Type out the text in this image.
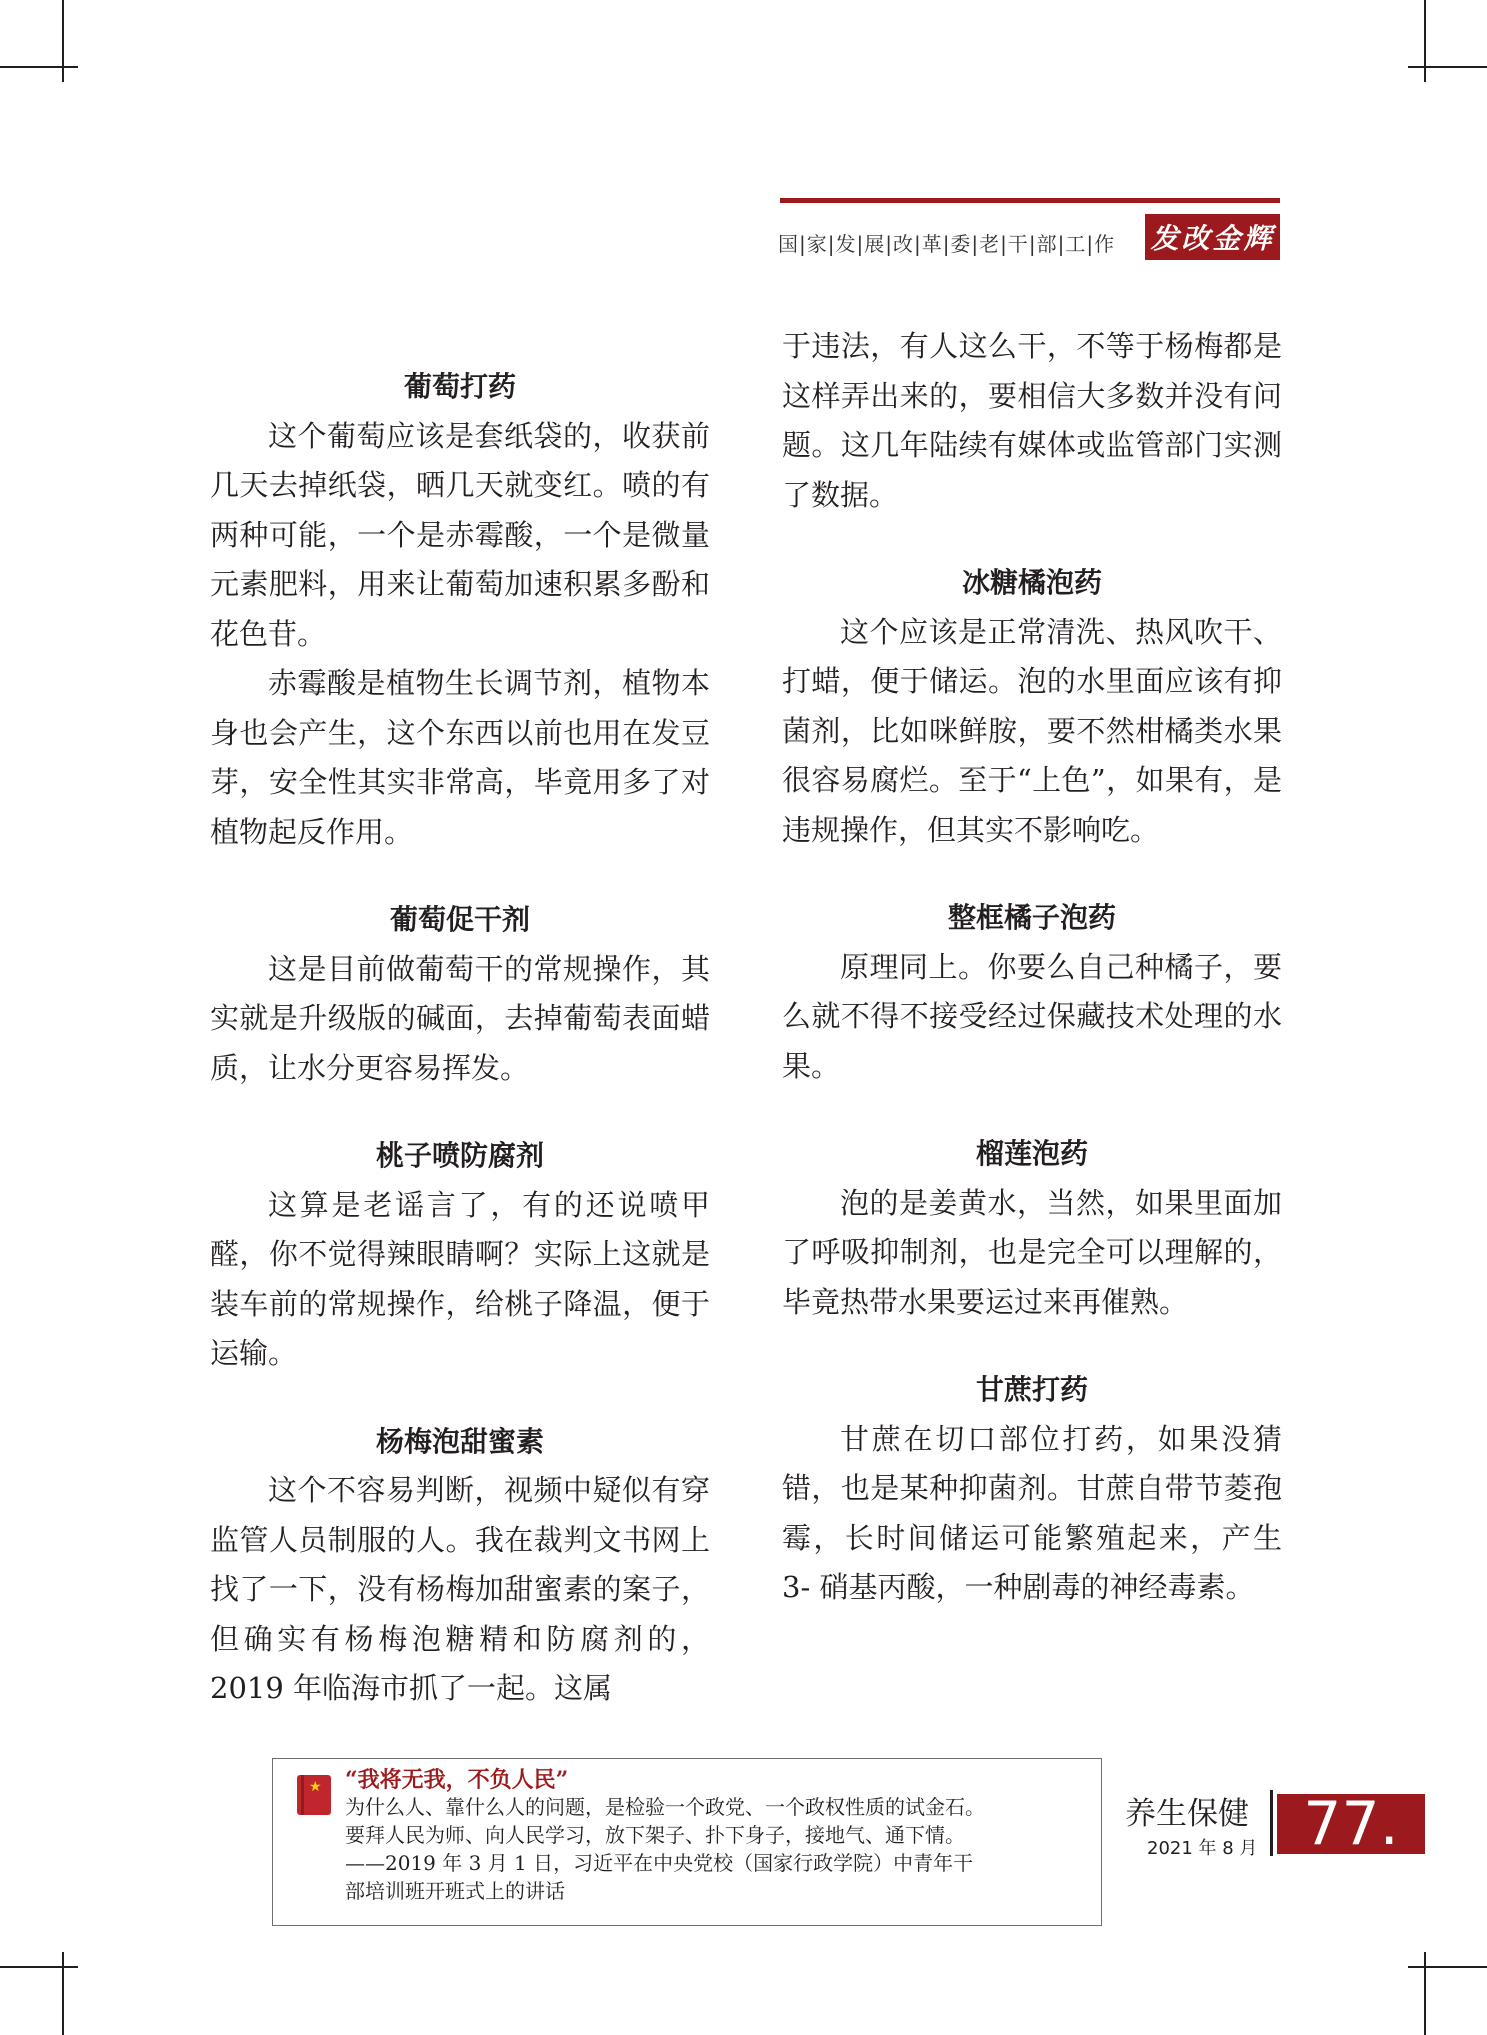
国|家|发|展|改|革|委|老|干|部|工|作 发改金辉
葡萄打药

这个葡萄应该是套纸袋的，收获前几天去掉纸袋，晒几天就变红。喷的有两种可能，一个是赤霉酸，一个是微量元素肥料，用来让葡萄加速积累多酚和花色苷。

赤霉酸是植物生长调节剂，植物本身也会产生，这个东西以前也用在发豆芽，安全性其实非常高，毕竟用多了对植物起反作用。

葡萄促干剂

这是目前做葡萄干的常规操作，其实就是升级版的碱面，去掉葡萄表面蜡质，让水分更容易挥发。

桃子喷防腐剂

这算是老谣言了，有的还说喷甲醛，你不觉得辣眼睛啊？实际上这就是装车前的常规操作，给桃子降温，便于运输。

杨梅泡甜蜜素

这个不容易判断，视频中疑似有穿监管人员制服的人。我在裁判文书网上找了一下，没有杨梅加甜蜜素的案子，但确实有杨梅泡糖精和防腐剂的，2019 年临海市抓了一起。这属

于违法，有人这么干，不等于杨梅都是这样弄出来的，要相信大多数并没有问题。这几年陆续有媒体或监管部门实测了数据。

冰糖橘泡药

这个应该是正常清洗、热风吹干、打蜡，便于储运。泡的水里面应该有抑菌剂，比如咪鲜胺，要不然柑橘类水果很容易腐烂。至于“上色”，如果有，是违规操作，但其实不影响吃。

整框橘子泡药

原理同上。你要么自己种橘子，要么就不得不接受经过保藏技术处理的水果。

榴莲泡药

泡的是姜黄水，当然，如果里面加了呼吸抑制剂，也是完全可以理解的，毕竟热带水果要运过来再催熟。

甘蔗打药

甘蔗在切口部位打药，如果没猜错，也是某种抑菌剂。甘蔗自带节菱孢霉，长时间储运可能繁殖起来，产生 3- 硝基丙酸，一种剧毒的神经毒素。

★ “我将无我，不负人民”
为什么人、靠什么人的问题，是检验一个政党、一个政权性质的试金石。
要拜人民为师、向人民学习，放下架子、扑下身子，接地气、通下情。
——2019 年 3 月 1 日，习近平在中央党校（国家行政学院）中青年干
部培训班开班式上的讲话
养生保健
2021 年 8 月 77.
